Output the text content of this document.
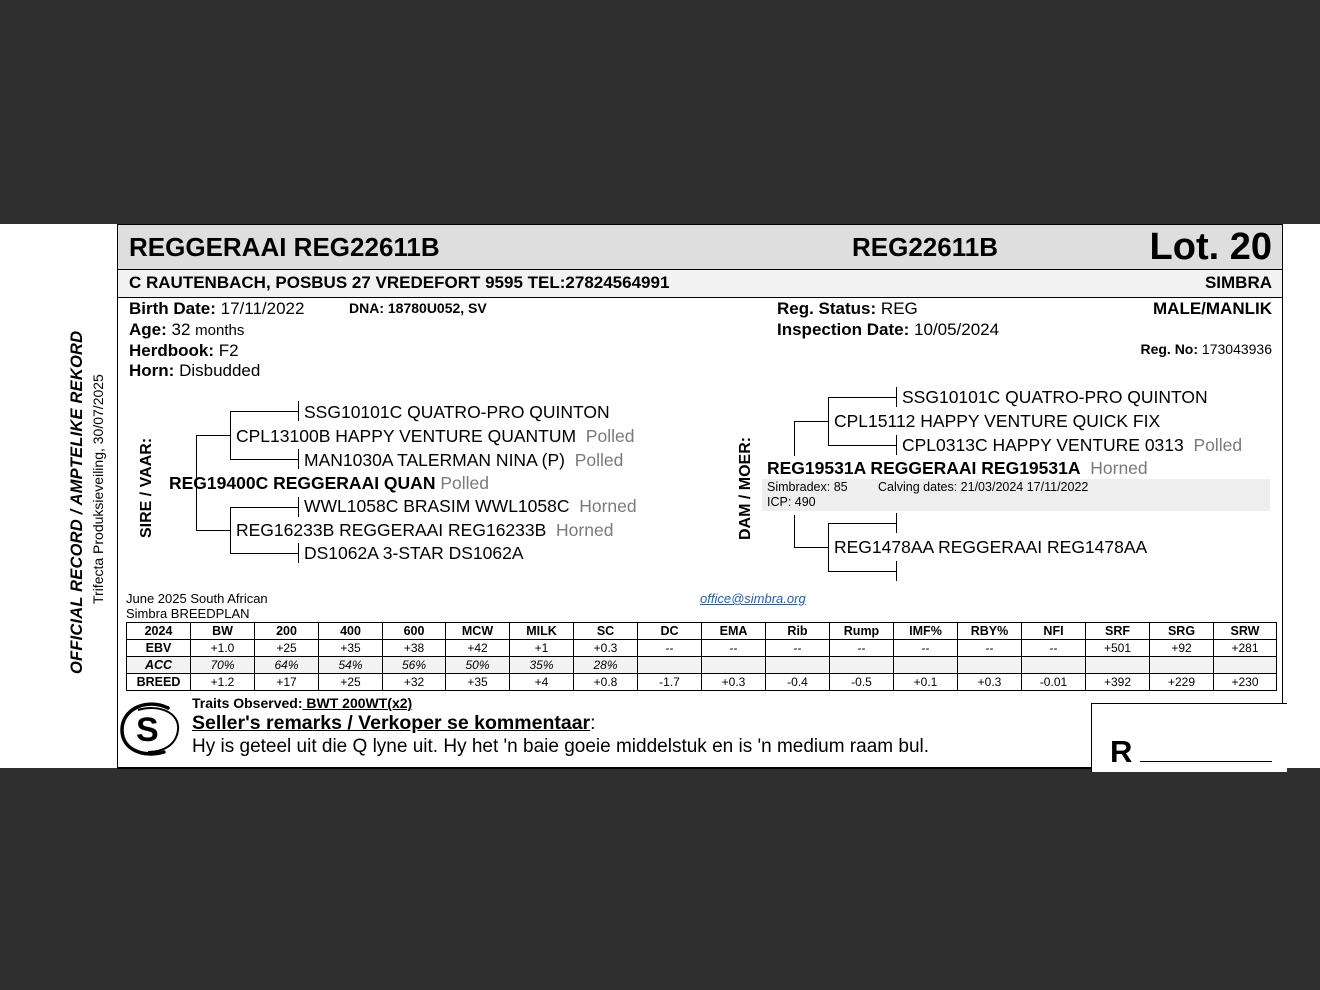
OFFICIAL RECORD / AMPTELIKE REKORD Trifecta Produksieveiling, 30/07/2025
REGGERAAI REG22611B	REG22611B	Lot. 20
C RAUTENBACH, POSBUS 27 VREDEFORT 9595 TEL:27824564991	SIMBRA
Birth Date: 17/11/2022	DNA: 18780U052, SV
Age: 32 months
Herdbook: F2
Horn: Disbudded
Reg. Status: REG
Inspection Date: 10/05/2024
MALE/MANLIK
Reg. No: 173043936
SIRE / VAAR:
SSG10101C QUATRO-PRO QUINTON
CPL13100B HAPPY VENTURE QUANTUM Polled
MAN1030A TALERMAN NINA (P) Polled
REG19400C REGGERAAI QUAN Polled
WWL1058C BRASIM WWL1058C Horned
REG16233B REGGERAAI REG16233B Horned
DS1062A 3-STAR DS1062A
DAM / MOER:
SSG10101C QUATRO-PRO QUINTON
CPL15112 HAPPY VENTURE QUICK FIX
CPL0313C HAPPY VENTURE 0313 Polled
REG19531A REGGERAAI REG19531A Horned
Simbradex: 85 Calving dates: 21/03/2024 17/11/2022
ICP: 490
REG1478AA REGGERAAI REG1478AA
June 2025 South African
Simbra BREEDPLAN
office@simbra.org
2024	BW	200	400	600	MCW	MILK	SC	DC	EMA	Rib	Rump	IMF%	RBY%	NFI	SRF	SRG	SRW
EBV	+1.0	+25	+35	+38	+42	+1	+0.3	--	--	--	--	--	--	--	+501	+92	+281
ACC	70%	64%	54%	56%	50%	35%	28%										
BREED	+1.2	+17	+25	+32	+35	+4	+0.8	-1.7	+0.3	-0.4	-0.5	+0.1	+0.3	-0.01	+392	+229	+230
S
Traits Observed: BWT 200WT(x2)
Seller's remarks / Verkoper se kommentaar:
Hy is geteel uit die Q lyne uit. Hy het 'n baie goeie middelstuk en is 'n medium raam bul.	R
